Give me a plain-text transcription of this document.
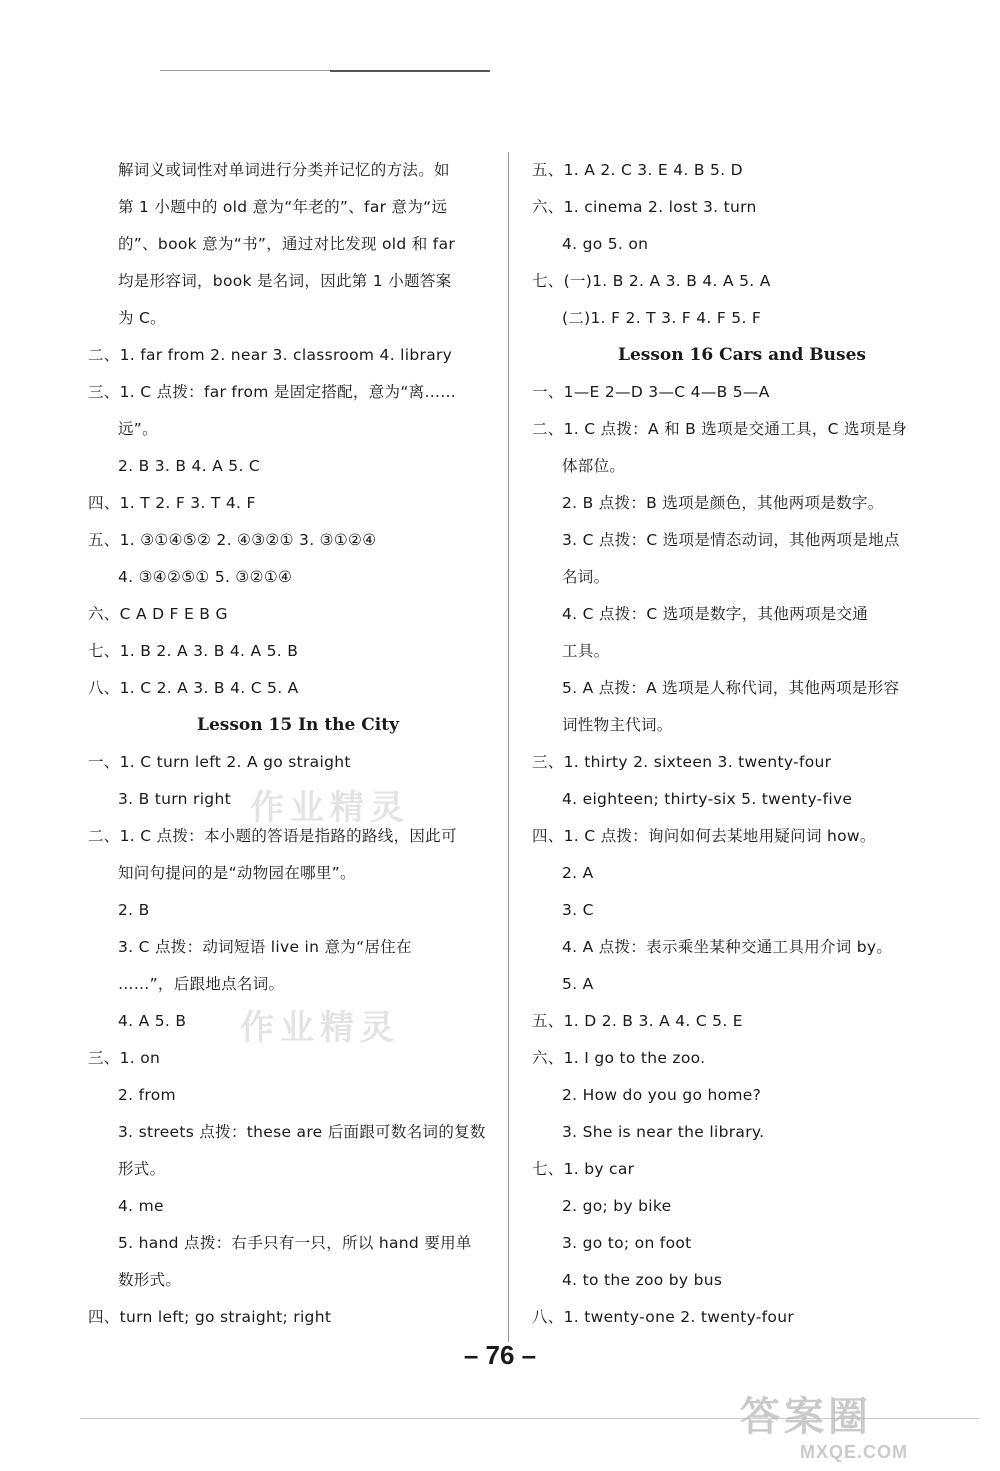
作业精灵
作业精灵
解词义或词性对单词进行分类并记忆的方法。如
第 1 小题中的 old 意为“年老的”、far 意为“远
的”、book 意为“书”，通过对比发现 old 和 far
均是形容词，book 是名词，因此第 1 小题答案
为 C。
二、1. far from 2. near 3. classroom 4. library
三、1. C 点拨：far from 是固定搭配，意为“离……
远”。
2. B 3. B 4. A 5. C
四、1. T 2. F 3. T 4. F
五、1. ③①④⑤② 2. ④③②① 3. ③①②④
4. ③④②⑤① 5. ③②①④
六、C A D F E B G
七、1. B 2. A 3. B 4. A 5. B
八、1. C 2. A 3. B 4. C 5. A
Lesson 15 In the City
一、1. C turn left 2. A go straight
3. B turn right
二、1. C 点拨：本小题的答语是指路的路线，因此可
知问句提问的是“动物园在哪里”。
2. B
3. C 点拨：动词短语 live in 意为“居住在
……”，后跟地点名词。
4. A 5. B
三、1. on
2. from
3. streets 点拨：these are 后面跟可数名词的复数
形式。
4. me
5. hand 点拨：右手只有一只，所以 hand 要用单
数形式。
四、turn left; go straight; right
五、1. A 2. C 3. E 4. B 5. D
六、1. cinema 2. lost 3. turn
4. go 5. on
七、(一)1. B 2. A 3. B 4. A 5. A
(二)1. F 2. T 3. F 4. F 5. F
Lesson 16 Cars and Buses
一、1—E 2—D 3—C 4—B 5—A
二、1. C 点拨：A 和 B 选项是交通工具，C 选项是身
体部位。
2. B 点拨：B 选项是颜色，其他两项是数字。
3. C 点拨：C 选项是情态动词，其他两项是地点
名词。
4. C 点拨：C 选项是数字，其他两项是交通
工具。
5. A 点拨：A 选项是人称代词，其他两项是形容
词性物主代词。
三、1. thirty 2. sixteen 3. twenty-four
4. eighteen; thirty-six 5. twenty-five
四、1. C 点拨：询问如何去某地用疑问词 how。
2. A
3. C
4. A 点拨：表示乘坐某种交通工具用介词 by。
5. A
五、1. D 2. B 3. A 4. C 5. E
六、1. I go to the zoo.
2. How do you go home?
3. She is near the library.
七、1. by car
2. go; by bike
3. go to; on foot
4. to the zoo by bus
八、1. twenty-one 2. twenty-four
– 76 –
答案圈
MXQE.COM
